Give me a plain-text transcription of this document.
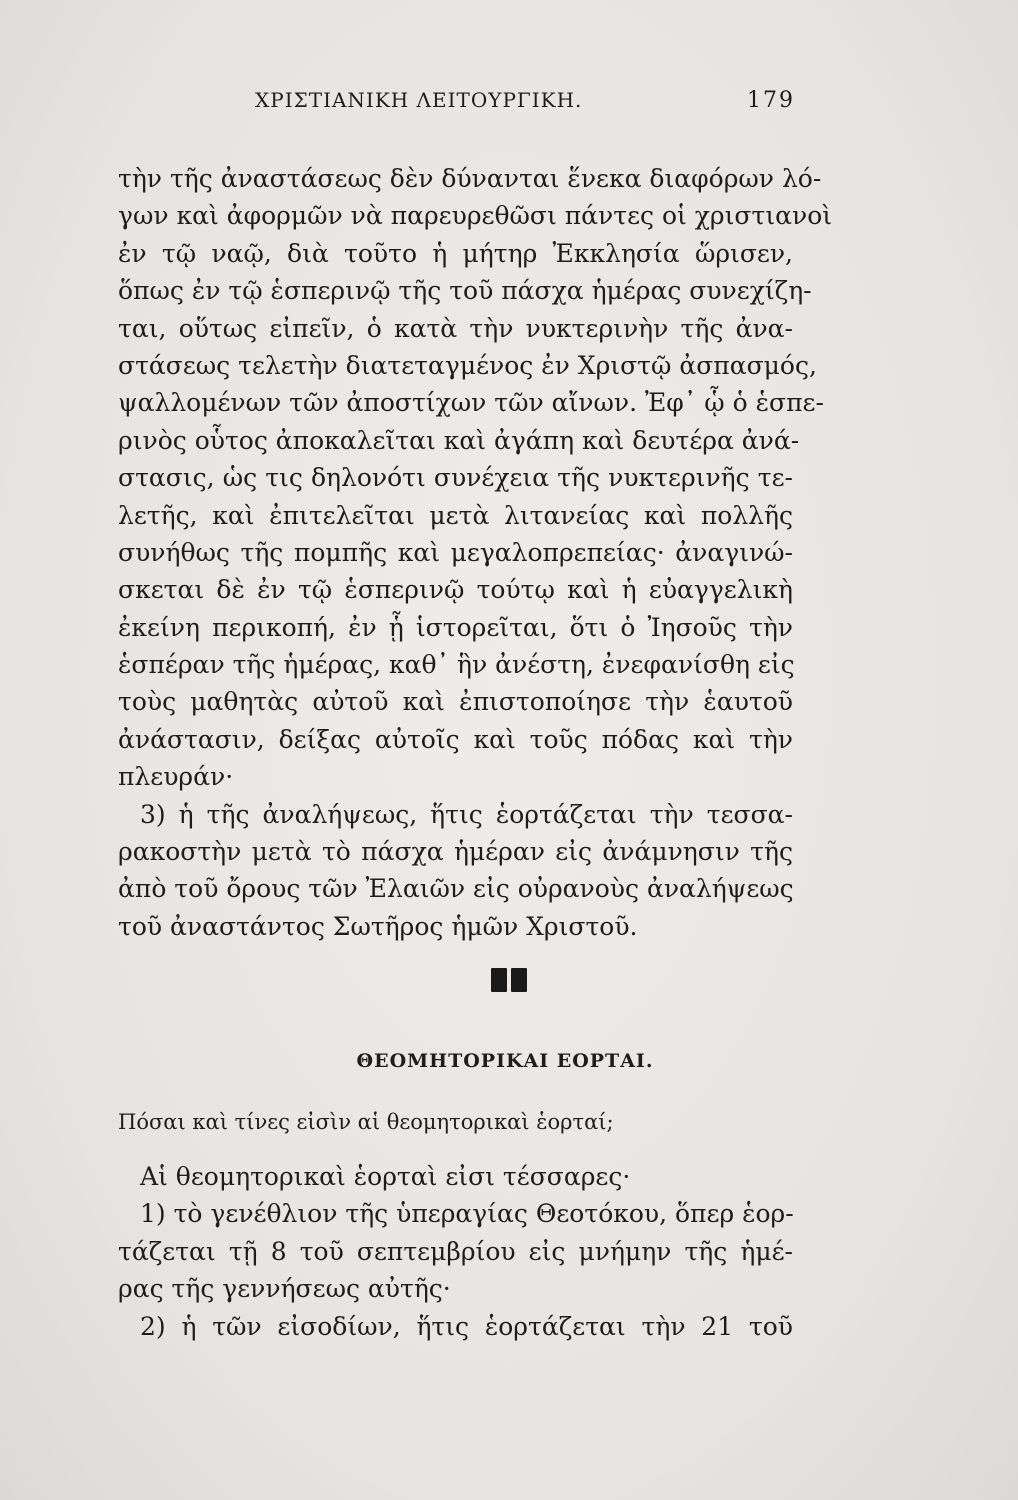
ΧΡΙΣΤΙΑΝΙΚΗ ΛΕΙΤΟΥΡΓΙΚΗ.	179
τὴν τῆς ἀναστάσεως δὲν δύνανται ἕνεκα διαφόρων λό-
γων καὶ ἀφορμῶν νὰ παρευρεθῶσι πάντες οἱ χριστιανοὶ
ἐν τῷ ναῷ, διὰ τοῦτο ἡ μήτηρ Ἐκκλησία ὥρισεν,
ὅπως ἐν τῷ ἑσπερινῷ τῆς τοῦ πάσχα ἡμέρας συνεχίζη-
ται, οὕτως εἰπεῖν, ὁ κατὰ τὴν νυκτερινὴν τῆς ἀνα-
στάσεως τελετὴν διατεταγμένος ἐν Χριστῷ ἀσπασμός,
ψαλλομένων τῶν ἀποστίχων τῶν αἴνων. Ἐφ᾽ ᾧ ὁ ἑσπε-
ρινὸς οὗτος ἀποκαλεῖται καὶ ἀγάπη καὶ δευτέρα ἀνά-
στασις, ὡς τις δηλονότι συνέχεια τῆς νυκτερινῆς τε-
λετῆς, καὶ ἐπιτελεῖται μετὰ λιτανείας καὶ πολλῆς
συνήθως τῆς πομπῆς καὶ μεγαλοπρεπείας· ἀναγινώ-
σκεται δὲ ἐν τῷ ἑσπερινῷ τούτῳ καὶ ἡ εὐαγγελικὴ
ἐκείνη περικοπή, ἐν ᾗ ἱστορεῖται, ὅτι ὁ Ἰησοῦς τὴν
ἑσπέραν τῆς ἡμέρας, καθ᾽ ἣν ἀνέστη, ἐνεφανίσθη εἰς
τοὺς μαθητὰς αὐτοῦ καὶ ἐπιστοποίησε τὴν ἑαυτοῦ
ἀνάστασιν, δείξας αὐτοῖς καὶ τοῦς πόδας καὶ τὴν
πλευράν·
3) ἡ τῆς ἀναλήψεως, ἥτις ἑορτάζεται τὴν τεσσα-
ρακοστὴν μετὰ τὸ πάσχα ἡμέραν εἰς ἀνάμνησιν τῆς
ἀπὸ τοῦ ὄρους τῶν Ἐλαιῶν εἰς οὐρανοὺς ἀναλήψεως
τοῦ ἀναστάντος Σωτῆρος ἡμῶν Χριστοῦ.
ΘΕΟΜΗΤΟΡΙΚΑΙ ΕΟΡΤΑΙ.
Πόσαι καὶ τίνες εἰσὶν αἱ θεομητορικαὶ ἑορταί;
Αἱ θεομητορικαὶ ἑορταὶ εἰσι τέσσαρες·
1) τὸ γενέθλιον τῆς ὑπεραγίας Θεοτόκου, ὅπερ ἑορ-
τάζεται τῇ 8 τοῦ σεπτεμβρίου εἰς μνήμην τῆς ἡμέ-
ρας τῆς γεννήσεως αὐτῆς·
2) ἡ τῶν εἰσοδίων, ἥτις ἑορτάζεται τὴν 21 τοῦ
